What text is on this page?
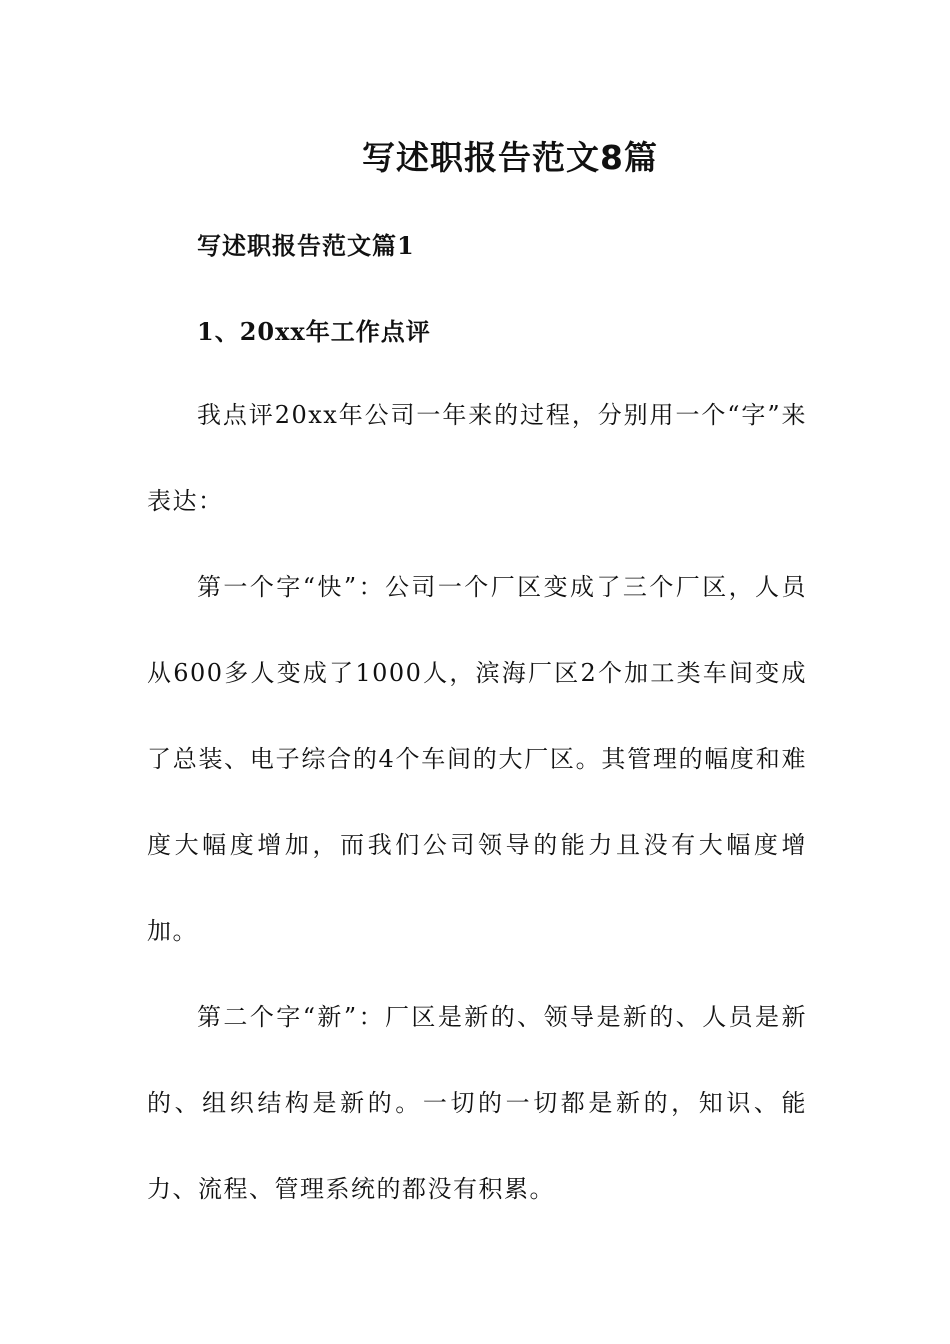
写述职报告范文8篇
写述职报告范文篇1
1、20xx年工作点评

我点评20xx年公司一年来的过程，分别用一个“字”来表达：

第一个字“快”：公司一个厂区变成了三个厂区，人员从600多人变成了1000人，滨海厂区2个加工类车间变成了总装、电子综合的4个车间的大厂区。其管理的幅度和难度大幅度增加，而我们公司领导的能力且没有大幅度增加。

第二个字“新”：厂区是新的、领导是新的、人员是新的、组织结构是新的。一切的一切都是新的，知识、能力、流程、管理系统的都没有积累。
